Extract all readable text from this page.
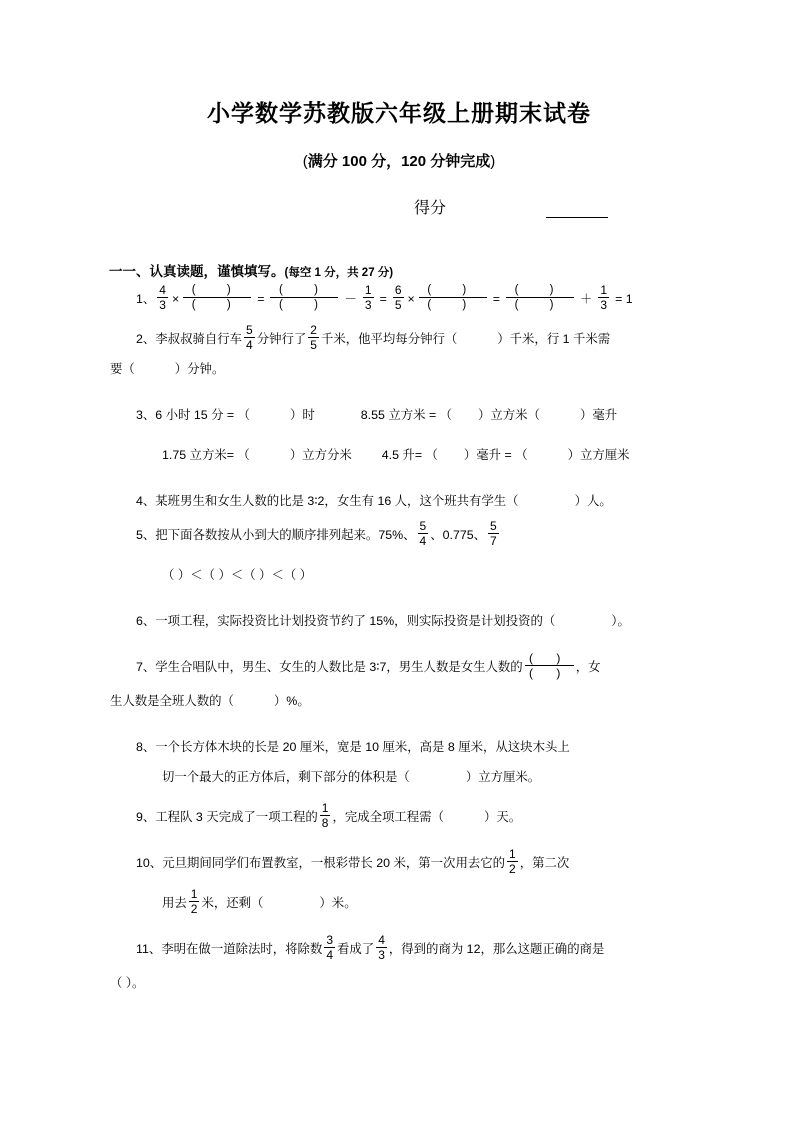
小学数学苏教版六年级上册期末试卷
(满分 100 分，120 分钟完成)
得分
一一、认真读题，谨慎填写。(每空 1 分，共 27 分)
1、 $\frac{4}{3} \times \frac{( )}{( )} = \frac{( )}{( )} - \frac{1}{3} = \frac{6}{5} \times \frac{( )}{( )} = \frac{( )}{( )} + \frac{1}{3} = 1$
2、 李叔叔骑自行车 $\frac{5}{4}$ 分钟行了 $\frac{2}{5}$ 千米，他平均每分钟行（	）千米，行 1 千米需
要（	）分钟。
3、 6 小时 15 分 = （	）时	8.55 立方米 = （ ）立方米（	）毫升
1.75 立方米= （	）立方分米 4.5 升= （ ）毫升 = （	）立方厘米
4、 某班男生和女生人数的比是 3∶2，女生有 16 人，这个班共有学生（	）人。
5、 把下面各数按从小到大的顺序排列起来。75%、 $\frac{5}{4}$ 、0.775、 $\frac{5}{7}$
（ ）＜（ ）＜（ ）＜（ ）
6、 一项工程，实际投资比计划投资节约了 15%，则实际投资是计划投资的（	）。
7、 学生合唱队中，男生、女生的人数比是 3∶7，男生人数是女生人数的 $\frac{( )}{( )}$ ，女
生人数是全班人数的（	）%。
8、 一个长方体木块的长是 20 厘米，宽是 10 厘米，高是 8 厘米，从这块木头上
切一个最大的正方体后，剩下部分的体积是（	）立方厘米。
9、 工程队 3 天完成了一项工程的 $\frac{1}{8}$ ，完成全项工程需（	）天。
10、 元旦期间同学们布置教室，一根彩带长 20 米，第一次用去它的 $\frac{1}{2}$ ，第二次
用去 $\frac{1}{2}$ 米，还剩（	）米。
11、 李明在做一道除法时，将除数 $\frac{3}{4}$ 看成了 $\frac{4}{3}$ ，得到的商为 12，那么这题正确的商是
（ ）。
